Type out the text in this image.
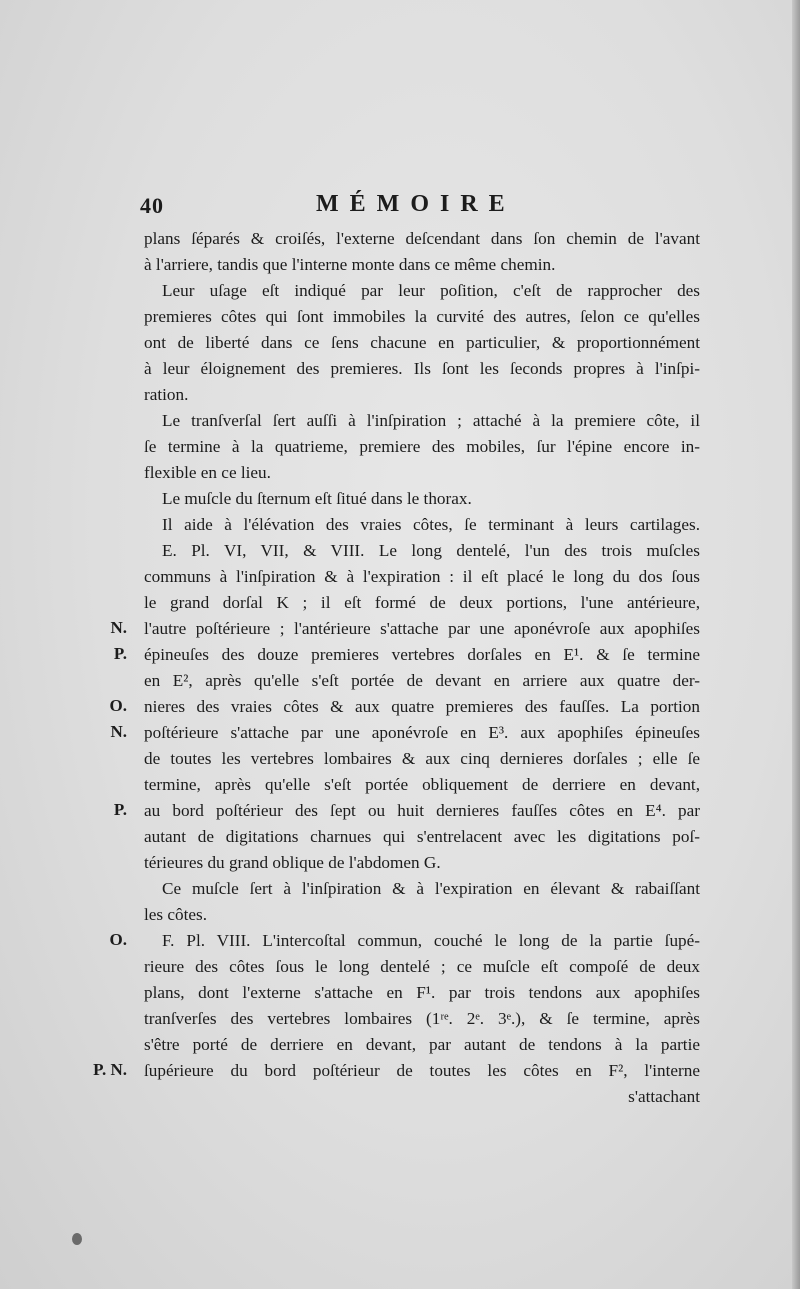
40	MÉMOIRE
N.
P.
O.
N.
P.
O.
P. N.
plans ſéparés & croiſés, l'externe deſcendant dans ſon chemin de l'avant
à l'arriere, tandis que l'interne monte dans ce même chemin.
Leur uſage eſt indiqué par leur poſition, c'eſt de rapprocher des
premieres côtes qui ſont immobiles la curvité des autres, ſelon ce qu'elles
ont de liberté dans ce ſens chacune en particulier, & proportionnément
à leur éloignement des premieres. Ils ſont les ſeconds propres à l'inſpi-
ration.
Le tranſverſal ſert auſſi à l'inſpiration ; attaché à la premiere côte, il
ſe termine à la quatrieme, premiere des mobiles, ſur l'épine encore in-
flexible en ce lieu.
Le muſcle du ſternum eſt ſitué dans le thorax.
Il aide à l'élévation des vraies côtes, ſe terminant à leurs cartilages.
E. Pl. VI, VII, & VIII. Le long dentelé, l'un des trois muſcles
communs à l'inſpiration & à l'expiration : il eſt placé le long du dos ſous
le grand dorſal K ; il eſt formé de deux portions, l'une antérieure,
l'autre poſtérieure ; l'antérieure s'attache par une aponévroſe aux apophiſes
épineuſes des douze premieres vertebres dorſales en E¹. & ſe termine
en E², après qu'elle s'eſt portée de devant en arriere aux quatre der-
nieres des vraies côtes & aux quatre premieres des fauſſes. La portion
poſtérieure s'attache par une aponévroſe en E³. aux apophiſes épineuſes
de toutes les vertebres lombaires & aux cinq dernieres dorſales ; elle ſe
termine, après qu'elle s'eſt portée obliquement de derriere en devant,
au bord poſtérieur des ſept ou huit dernieres fauſſes côtes en E⁴. par
autant de digitations charnues qui s'entrelacent avec les digitations poſ-
térieures du grand oblique de l'abdomen G.
Ce muſcle ſert à l'inſpiration & à l'expiration en élevant & rabaiſſant
les côtes.
F. Pl. VIII. L'intercoſtal commun, couché le long de la partie ſupé-
rieure des côtes ſous le long dentelé ; ce muſcle eſt compoſé de deux
plans, dont l'externe s'attache en F¹. par trois tendons aux apophiſes
tranſverſes des vertebres lombaires (1ʳᵉ. 2ᵉ. 3ᵉ.), & ſe termine, après
s'être porté de derriere en devant, par autant de tendons à la partie
ſupérieure du bord poſtérieur de toutes les côtes en F², l'interne
s'attachant
